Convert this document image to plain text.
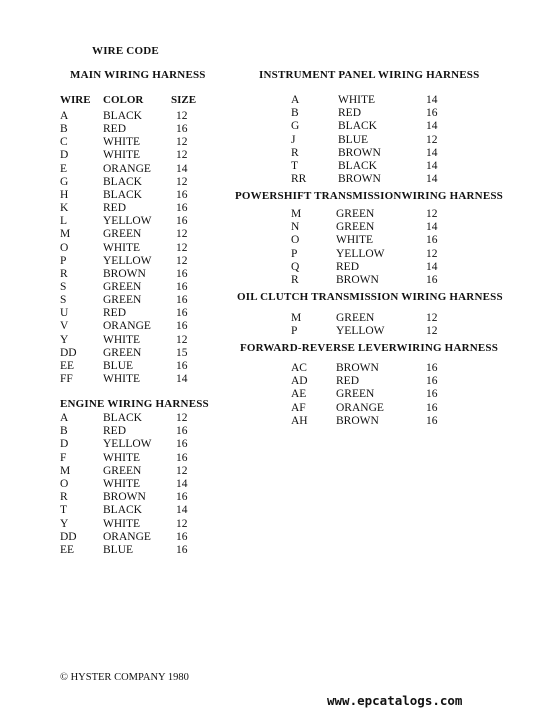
WIRE CODE
MAIN WIRING HARNESS
WIRE COLOR	SIZE
A	BLACK	12
B	RED	16
C	WHITE	12
D	WHITE	12
E	ORANGE 14
G	BLACK	12
H	BLACK	16
K	RED	16
L	YELLOW 16
M	GREEN	12
O	WHITE	12
P	YELLOW 12
R	BROWN	16
S	GREEN	16
S	GREEN	16
U	RED	16
V	ORANGE 16
Y	WHITE	12
DD GREEN	15
EE	BLUE	16
FF	WHITE	14
ENGINE WIRING HARNESS
A	BLACK	12
B	RED	16
D	YELLOW 16
F	WHITE	16
M	GREEN	12
O	WHITE	14
R	BROWN	16
T	BLACK	14
Y	WHITE	12
DD ORANGE 16
EE	BLUE	16
INSTRUMENT PANEL WIRING HARNESS
A	WHITE	14
B	RED	16
G	BLACK	14
J	BLUE	12
R	BROWN	14
T	BLACK	14
RR	BROWN	14
POWERSHIFT TRANSMISSIONWIRING HARNESS
M	GREEN	12
N	GREEN	14
O	WHITE	16
P	YELLOW	12
Q	RED	14
R	BROWN	16
OIL CLUTCH TRANSMISSION WIRING HARNESS
M	GREEN	12
P	YELLOW	12
FORWARD-REVERSE LEVERWIRING HARNESS
AC	BROWN	16
AD RED	16
AE	GREEN	16
AF	ORANGE	16
AH BROWN	16
© HYSTER COMPANY 1980
www.epcatalogs.com
